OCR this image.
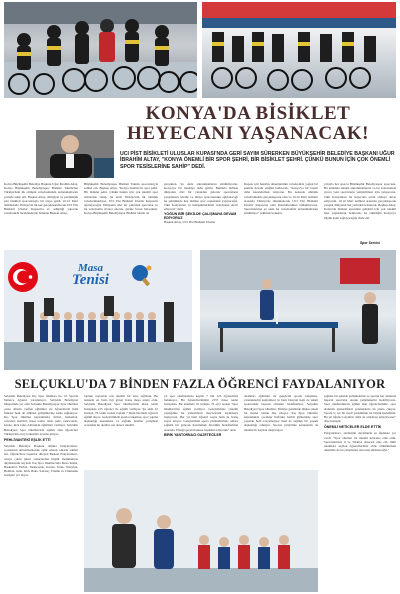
KONYA'DA BİSİKLET
HEYECANI YAŞANACAK!
UCI PİST BİSİKLETİ ULUSLAR KUPASI'NDA GERİ SAYIM SÜRERKEN BÜYÜKŞEHİR BELEDİYE BAŞKANI UĞUR İBRAHİM ALTAY, "KONYA ÖNEMLİ BİR SPOR ŞEHRİ, BİR BİSİKLET ŞEHRİ. ÇÜNKÜ BUNUN İÇİN ÇOK ÖNEMLİ SPOR TESİSLERİNE SAHİP" DEDİ.
Konya Büyükşehir Belediye Başkanı Uğur İbrahim Altay, Konya Büyükşehir Belediyespor Bisiklet Takımı'nın Türkiye'deki ilk olimpik velodromunda antrenmanlarını yerinde takip etti. Başkan Altay, olimpiyat ve paralimpik pist bisikleti sporcularıyla bir araya geldi. 10-16 Mart tarihlerinde Türkiye'de ilk kez gerçekleştirilecek UCI Pist Bisikleti Uluslar Kupası'na ev sahipliği yapacak velodromda incelemelerde bulunan Başkan Altay,
Büyükşehir Belediyespor Bisiklet Takımı sporcularıyla sohbet etti. Başkan Altay, "Konya önemli bir spor şehri. Bir bisiklet şehri. Çünkü bunun için çok önemli spor tesislerine sahip. Şu anda Türkiye'nin ilk olimpik velodromundayız. UCI Pist Bisikleti Uluslar Kupası'nı ağırlayacağız. Dünyanın dört bir yanından sporcular ve bu velodromu ziyaret edecek, görme fırsatı bulacaklar. Konya Büyükşehir Belediyespor Bisiklet takımı da
gerçekten. Şu anda antrenmanlarını sürdürüyorlar. Konya'ya bir madalya daha gelsin. Bunlarla birlikte dünyanın dört bir yanından gelecek sporcuların yarışmasını izleme ve dünya sporcularının ağırlanacağı bu şehrimizde hep birlikte spor coşkusunu yaşayacağız. Tüm Konyalıları ve hemşehrilerimizi velodroma davet ediyoruz" dedi.
YOĞUN BİR ŞEKİLDE ÇALIŞMAYA DEVAM EDİYORUZ
Başkan Altay, UCI Pist Bisikleti Uluslar
Kupası için hazırlık dönemlerinin velodromda yoğun bir şekilde devam ettiğini belirterek, "Konya'ya bir başarı daha kazandırmak istiyoruz. Bu noktada olimpik velodromunda gerçekleşecek olan ve 10-16 Mart tarihleri arasında Türkiye'de düzenlenecek UCI Pist Bisikleti Uluslar Kupası'na olan hazırlıklarımızı tamamlıyoruz. Sporcularımız şu anda bu velodromda antrenmanlarını sürdürüyor" şeklinde konuştu.
yoluyla her sporcu Büyükşehir Belediyespor sporcusu. Bu anlamda sürekli antrenmanlarına ve bu velodromda ayrıca yeni sporcuların yetiştirilmesi için çalışıyoruz. Tüm Konyalıları bu heyecana ortak olmaya davet ediyorum. 10-16 Mart tarihleri arasında gerçekleşecek yarışlar dünyanın her yerinden izlenecek. Başkan Altay, Konya'da bisiklet sporunun gelişimi için çok önemli işler yaptıklarını belirterek, bu etkinliğin Konya'ya büyük katkı sağlayacağını ifade etti.
Spor Servisi
Masa
Tenisi
SELÇUKLU'DA 7 BİNDEN FAZLA ÖĞRENCİ FAYDALANIYOR
Selçuklu Belediyesi Kış Spor Okulları ile, 10 Sporda binlerce öğrenci yararlanıyor. Selçuklu Belediyesi bünyesinde yer alan Selçuklu Belediyespor Spor Okulları çatısı altında verilen eğitimler ile öğrencilerin hem fiziksel hem de zihinsel gelişimlerine katkı sağlanıyor. Kış Spor Okulları kapsamında; futbol, basketbol, voleybol, hentbol, masa tenisi, tenis, judo, taekwondo, karate, kick boks dallarında eğitimler veriliyor. Selçuklu Belediyesi Spor Okulları'nda eğitim alan öğrenciler Türkiye'nin en iyi takımları arasına giriyor.
PEHLİVANTEKİ EŞLİK ETTİ
Selçuklu Belediye Başkanı Ahmet Pekyatırmacı, çocukların antrenmanlarına eşlik ederek onlarla sohbet etti. Öğrencilere başarılar dileyen Başkan Pekyatırmacı, ortaya çıkan güzel sonuçlardan büyük memnuniyet duyduklarını söyledi. Kış Spor Okulları'nda Masa Tenisi, Basketbol, Futbol, Taekwondo, Karate, Tenis, Voleybol, Hentbol, Judo, Kick Boks, Satranç, Yüzme ve Cimnastik branşları yer alıyor.
toplam sayısında çok önemli bir artış sağlandı. Bu noktada en fazla ilgi gören branş masa tenisi oldu. Selçuklu Belediyesi Spor Okulları'nda masa tenisi branşında 215 öğrenci ile eğitim veriliyor. Şu anda 10 branşta, 76 farklı tesiste toplam 7 binin üzerinde öğrenci eğitim alıyor. Gençlerimizin sporla tanışması, spor yapma alışkanlığı kazanması ve sağlıklı nesiller yetişmesi açısından bu okullar son derece önemli.
yıl spor okullarımıza kayıtlı 7 bin 123 öğrencimiz bulunuyor. Bu öğrencilerimizin 215'i masa tenisi branşında. Bu anlamda 10 branşta 76 ayrı tesiste 'Spor Okulları'nda eğitim veriliyor. Gençlerimize yönelik yaptığımız bu yatırımların meyvelerini toplamaya başlıyoruz. Her yıl hem öğrenci sayısı hem de branş sayısı artıyor. Gençlerimizi spora yönlendirmek, onlara sağlıklı bir gelecek hazırlamak öncelikli hedeflerimiz arasında. Emeği geçen herkese teşekkür ediyorum" dedi.
BİRİK YANTORNACI GAZETECİLER
Aldıkları eğitimler ile gençlerin sporla tanışması, yeteneklerini keşfetmesi ve hem bireysel hem de takım sporlarında başarılı olmaları hedefleniyor. Selçuklu Belediyesi Spor Okulları, Türkiye genelinde dikkat çeken bir model olarak öne çıkıyor. Kış Spor Okulları kapsamında çocuklar haftanın belirli günlerinde spor yaparak hem sosyalleşiyor hem de sağlıklı bir yaşam alışkanlığı ediniyor. Sporcu yetiştirme konusunda da önemli bir kaynak oluşturuyor.
sağlıklı bir şekilde gelişmelerini ve sporun her alanında başarılı sporcular olarak yetişmelerini hedefliyoruz. Spor okullarımızda eğitim alan öğrencilerimiz, spor alanında gösterdikleri yeteneklerle ön plana çıkıyor. Sporla iç içe bir nesil yetiştirmek en büyük hedefimiz. Bu yıl öğrenci sayımızı daha da artırmayı amaçlıyoruz" diye konuştu.
ÖNEMLİ NETİCELER ELDE ETTİK
Pekyatırmacı, sözlerinin devamında şu ifadelere yer verdi: "Spor okulları ile önemli neticeler elde ettik. Sporcularımız il ve Türkiye derecesi elde etti, milli takımlara seçilen öğrencilerimiz oldu. Önümüzdeki dönemde de bu çalışmaları artırarak sürdüreceğiz."
